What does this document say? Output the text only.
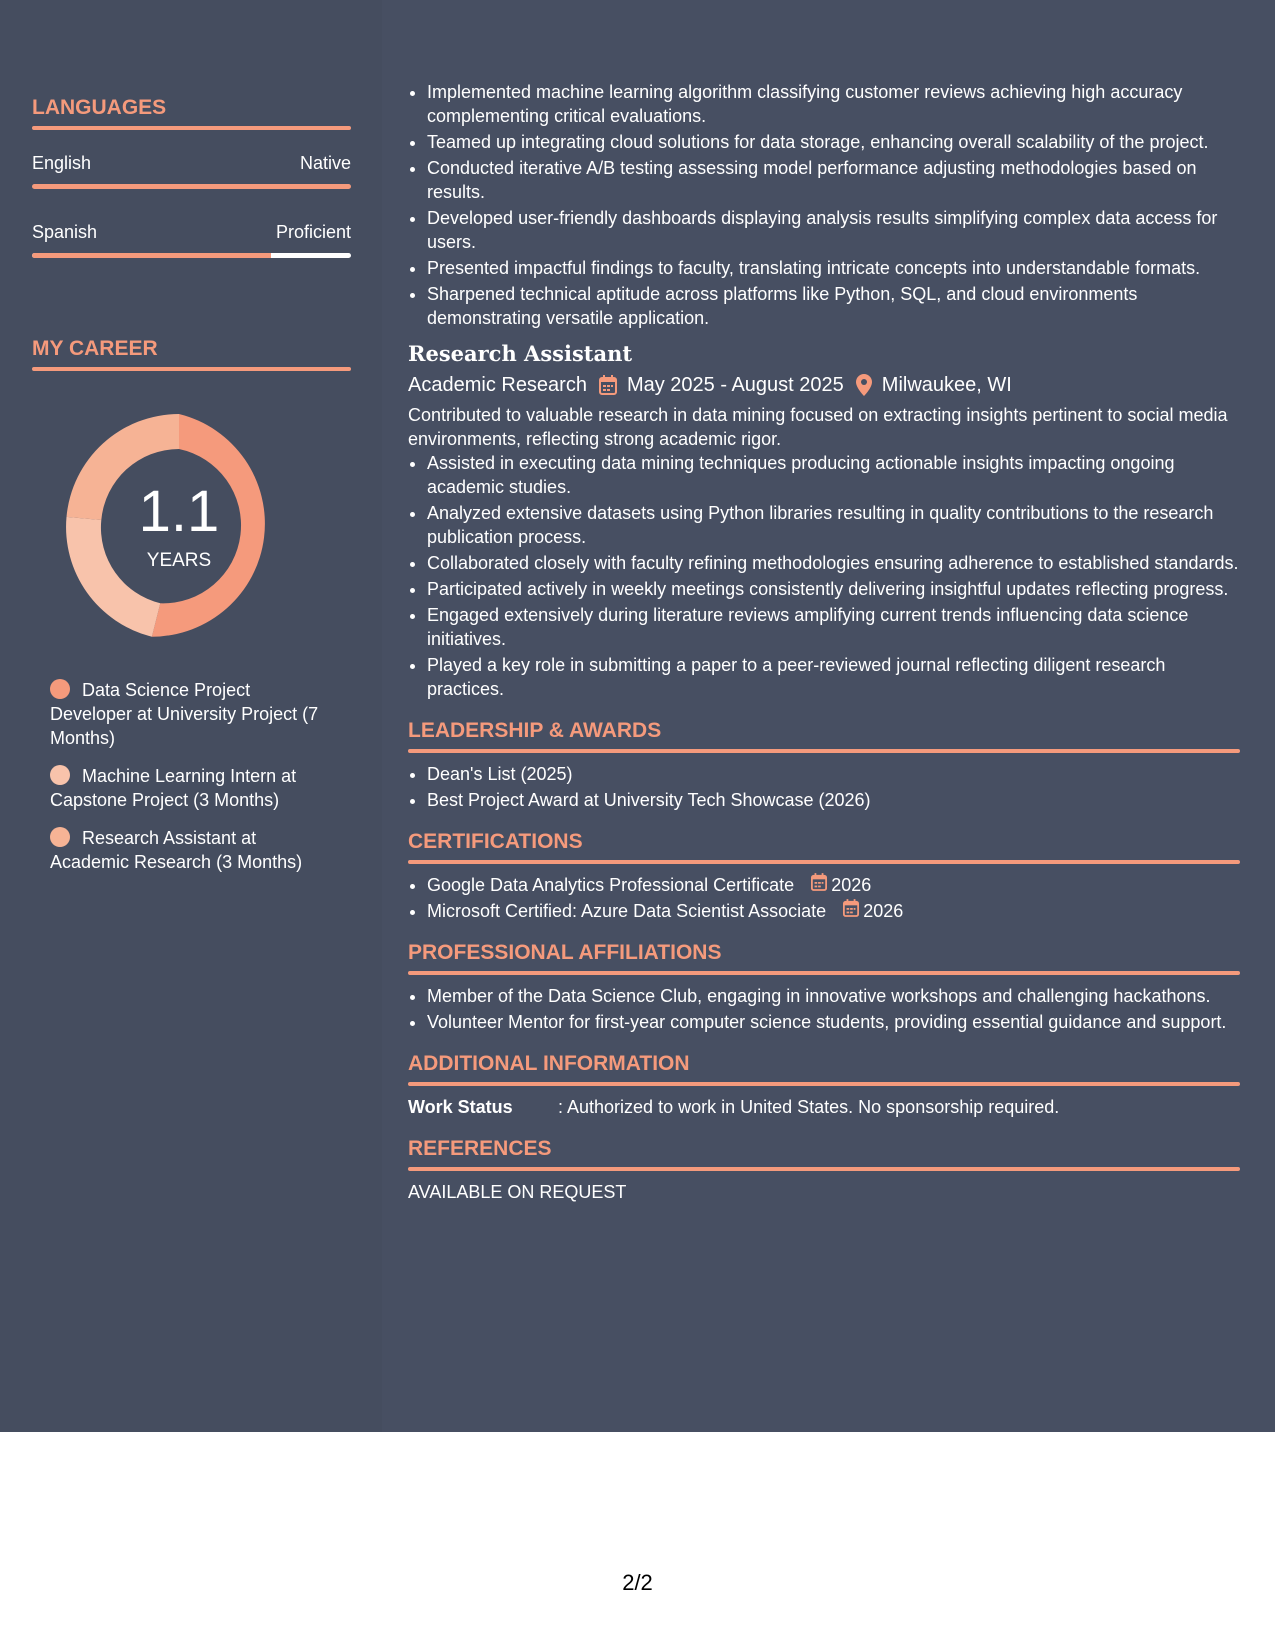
LANGUAGES
English	Native
Spanish	Proficient
MY CAREER
1.1
YEARS
Data Science Project Developer at University Project (7 Months)
Machine Learning Intern at Capstone Project (3 Months)
Research Assistant at Academic Research (3 Months)
• Implemented machine learning algorithm classifying customer reviews achieving high accuracy complementing critical evaluations.
• Teamed up integrating cloud solutions for data storage, enhancing overall scalability of the project.
• Conducted iterative A/B testing assessing model performance adjusting methodologies based on results.
• Developed user-friendly dashboards displaying analysis results simplifying complex data access for users.
• Presented impactful findings to faculty, translating intricate concepts into understandable formats.
• Sharpened technical aptitude across platforms like Python, SQL, and cloud environments demonstrating versatile application.
Research Assistant
Academic Research May 2025 - August 2025 Milwaukee, WI
Contributed to valuable research in data mining focused on extracting insights pertinent to social media environments, reflecting strong academic rigor.
• Assisted in executing data mining techniques producing actionable insights impacting ongoing academic studies.
• Analyzed extensive datasets using Python libraries resulting in quality contributions to the research publication process.
• Collaborated closely with faculty refining methodologies ensuring adherence to established standards.
• Participated actively in weekly meetings consistently delivering insightful updates reflecting progress.
• Engaged extensively during literature reviews amplifying current trends influencing data science initiatives.
• Played a key role in submitting a paper to a peer-reviewed journal reflecting diligent research practices.
LEADERSHIP & AWARDS
• Dean's List (2025)
• Best Project Award at University Tech Showcase (2026)
CERTIFICATIONS
• Google Data Analytics Professional Certificate 2026
• Microsoft Certified: Azure Data Scientist Associate 2026
PROFESSIONAL AFFILIATIONS
• Member of the Data Science Club, engaging in innovative workshops and challenging hackathons.
• Volunteer Mentor for first-year computer science students, providing essential guidance and support.
ADDITIONAL INFORMATION
Work Status	: Authorized to work in United States. No sponsorship required.
REFERENCES
AVAILABLE ON REQUEST
2/2
